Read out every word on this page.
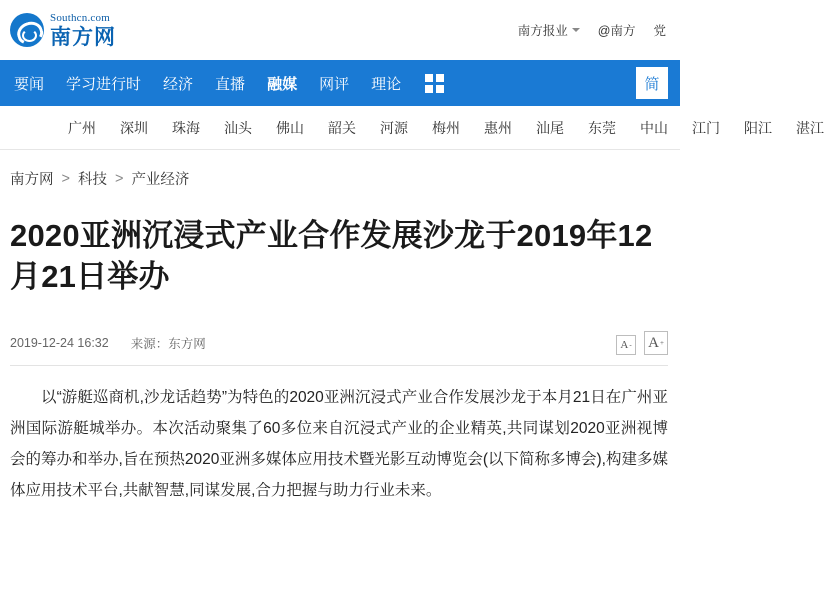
Southcn.com
南方网	南方报业 @南方 党
要闻 学习进行时 经济 直播 融媒 网评 理论	简
广州 深圳 珠海 汕头 佛山 韶关 河源 梅州 惠州 汕尾 东莞 中山 江门 阳江 湛江
南方网 > 科技 > 产业经济
2020亚洲沉浸式产业合作发展沙龙于2019年12月21日举办
2019-12-24 16:32 来源：东方网	A - A +

以“游艇巡商机,沙龙话趋势”为特色的2020亚洲沉浸式产业合作发展沙龙于本月21日在广州亚洲国际游艇城举办。本次活动聚集了60多位来自沉浸式产业的企业精英,共同谋划2020亚洲视博会的筹办和举办,旨在预热2020亚洲多媒体应用技术暨光影互动博览会(以下简称多博会),构建多媒体应用技术平台,共献智慧,同谋发展,合力把握与助力行业未来。
